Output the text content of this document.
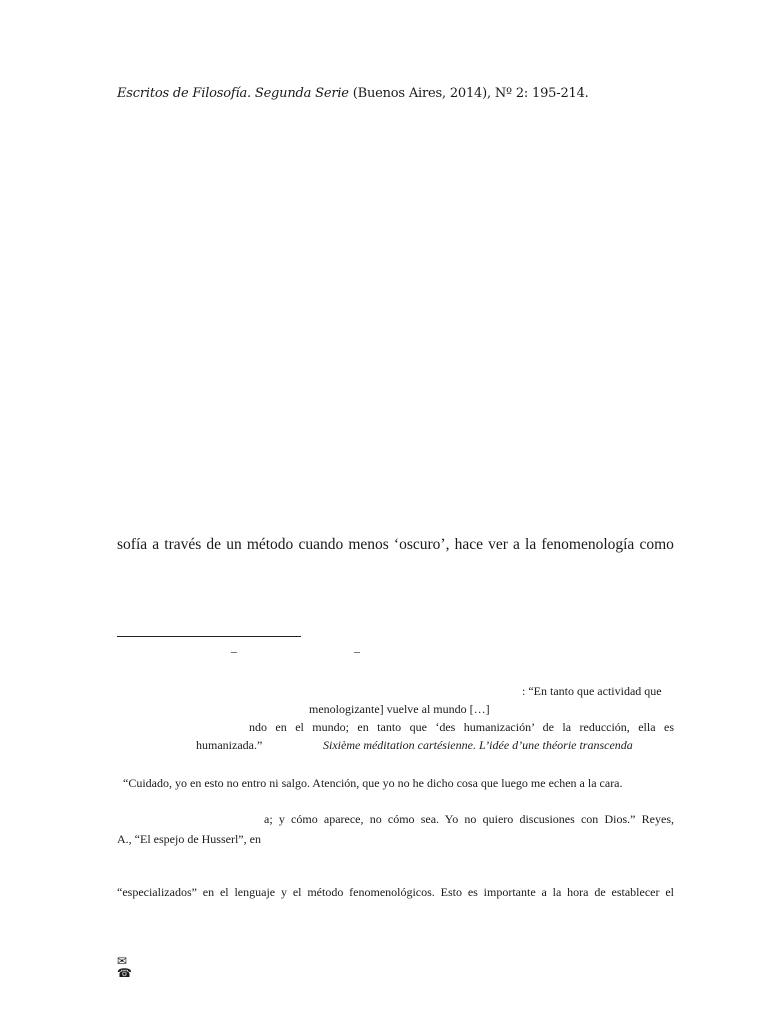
Escritos de Filosofía. Segunda Serie (Buenos Aires, 2014), Nº 2: 195-214.
sofía a través de un método cuando menos ‘oscuro’, hace ver a la fenomenología como
–	–
: “En tanto que actividad que
menologizante] vuelve al mundo […]
ndo en el mundo; en tanto que ‘des humanización’ de la reducción, ella es
humanizada.”	Sixième méditation cartésienne. L’idée d’une théorie transcenda
“Cuidado, yo en esto no entro ni salgo. Atención, que yo no he dicho cosa que luego me echen a la cara.
a; y cómo aparece, no cómo sea. Yo no quiero discusiones con Dios.” Reyes,
A., “El espejo de Husserl”, en
“especializados” en el lenguaje y el método fenomenológicos. Esto es importante a la hora de establecer el
✉
☎
